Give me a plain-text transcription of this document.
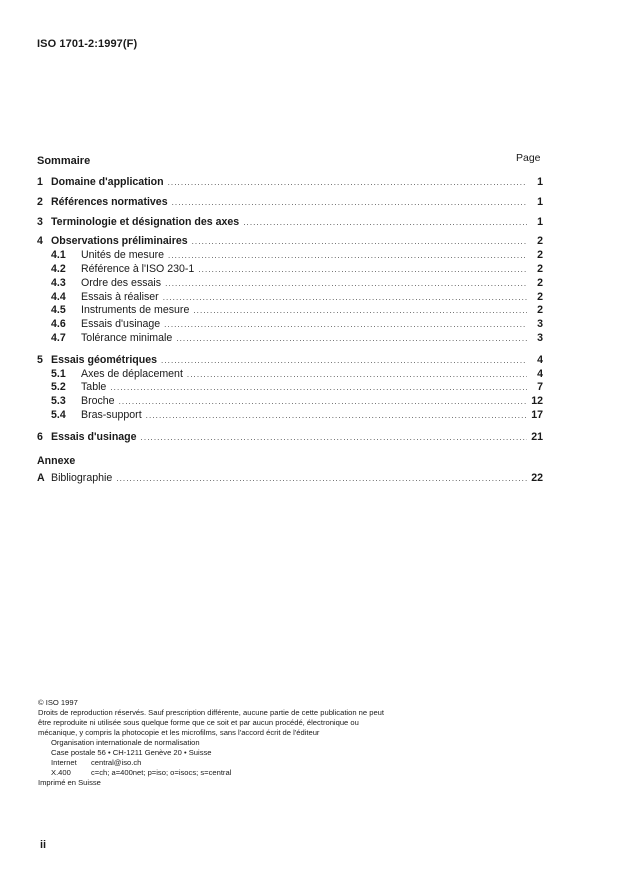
ISO 1701-2:1997(F)
Sommaire	Page
1 Domaine d'application .....	1
2 Références normatives .....	1
3 Terminologie et désignation des axes .....	1
4 Observations préliminaires .....	2
4.1	Unités de mesure .....	2
4.2	Référence à l'ISO 230-1 .....	2
4.3	Ordre des essais .....	2
4.4	Essais à réaliser .....	2
4.5	Instruments de mesure .....	2
4.6	Essais d'usinage .....	3
4.7	Tolérance minimale .....	3
5 Essais géométriques .....	4
5.1	Axes de déplacement .....	4
5.2	Table .....	7
5.3	Broche .....	12
5.4	Bras-support .....	17
6 Essais d'usinage .....	21
Annexe
A Bibliographie .....	22
© ISO 1997
Droits de reproduction réservés. Sauf prescription différente, aucune partie de cette publication ne peut être reproduite ni utilisée sous quelque forme que ce soit et par aucun procédé, électronique ou mécanique, y compris la photocopie et les microfilms, sans l'accord écrit de l'éditeur
Organisation internationale de normalisation
Case postale 56 • CH-1211 Genève 20 • Suisse
Internet	central@iso.ch
X.400	c=ch; a=400net; p=iso; o=isocs; s=central
Imprimé en Suisse
ii
